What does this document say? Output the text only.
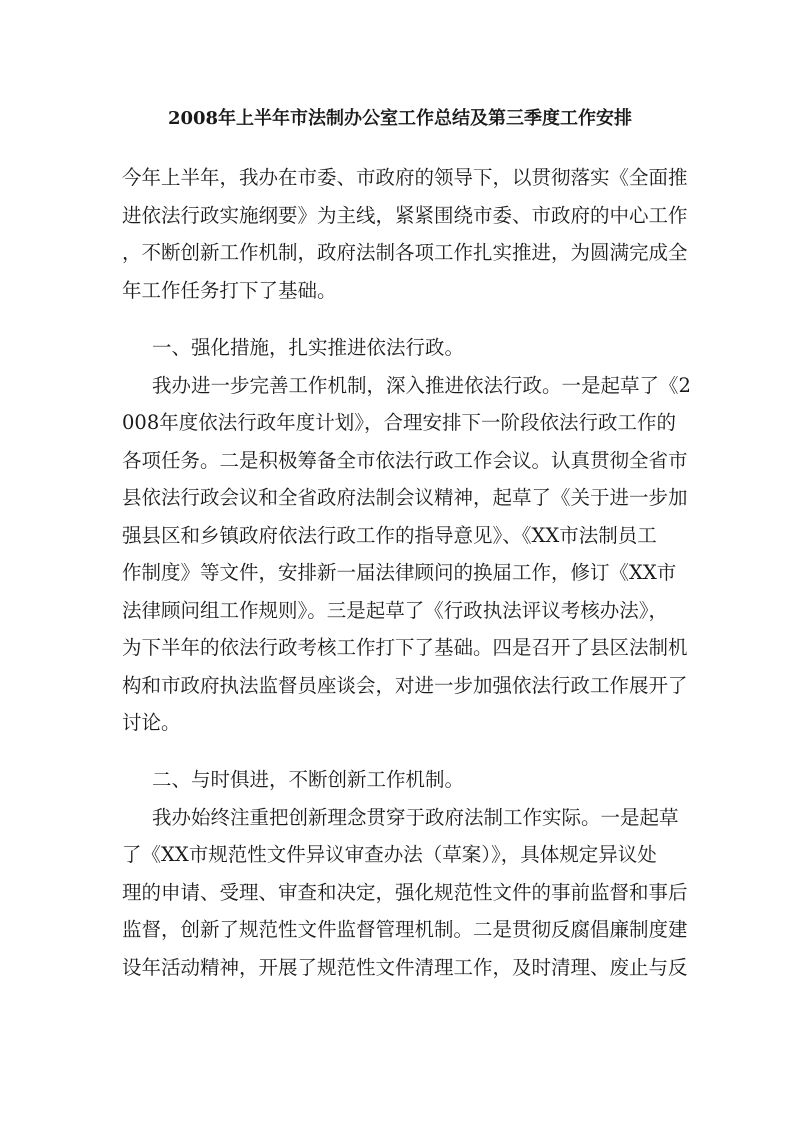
2008年上半年市法制办公室工作总结及第三季度工作安排
今年上半年，我办在市委、市政府的领导下，以贯彻落实《全面推
进依法行政实施纲要》为主线，紧紧围绕市委、市政府的中心工作
，不断创新工作机制，政府法制各项工作扎实推进，为圆满完成全
年工作任务打下了基础。
一、强化措施，扎实推进依法行政。
我办进一步完善工作机制，深入推进依法行政。一是起草了《2
008年度依法行政年度计划》，合理安排下一阶段依法行政工作的
各项任务。二是积极筹备全市依法行政工作会议。认真贯彻全省市
县依法行政会议和全省政府法制会议精神，起草了《关于进一步加
强县区和乡镇政府依法行政工作的指导意见》、《XX市法制员工
作制度》等文件，安排新一届法律顾问的换届工作，修订《XX市
法律顾问组工作规则》。三是起草了《行政执法评议考核办法》，
为下半年的依法行政考核工作打下了基础。四是召开了县区法制机
构和市政府执法监督员座谈会，对进一步加强依法行政工作展开了
讨论。
二、与时俱进，不断创新工作机制。
我办始终注重把创新理念贯穿于政府法制工作实际。一是起草
了《XX市规范性文件异议审查办法（草案）》，具体规定异议处
理的申请、受理、审查和决定，强化规范性文件的事前监督和事后
监督，创新了规范性文件监督管理机制。二是贯彻反腐倡廉制度建
设年活动精神，开展了规范性文件清理工作，及时清理、废止与反
